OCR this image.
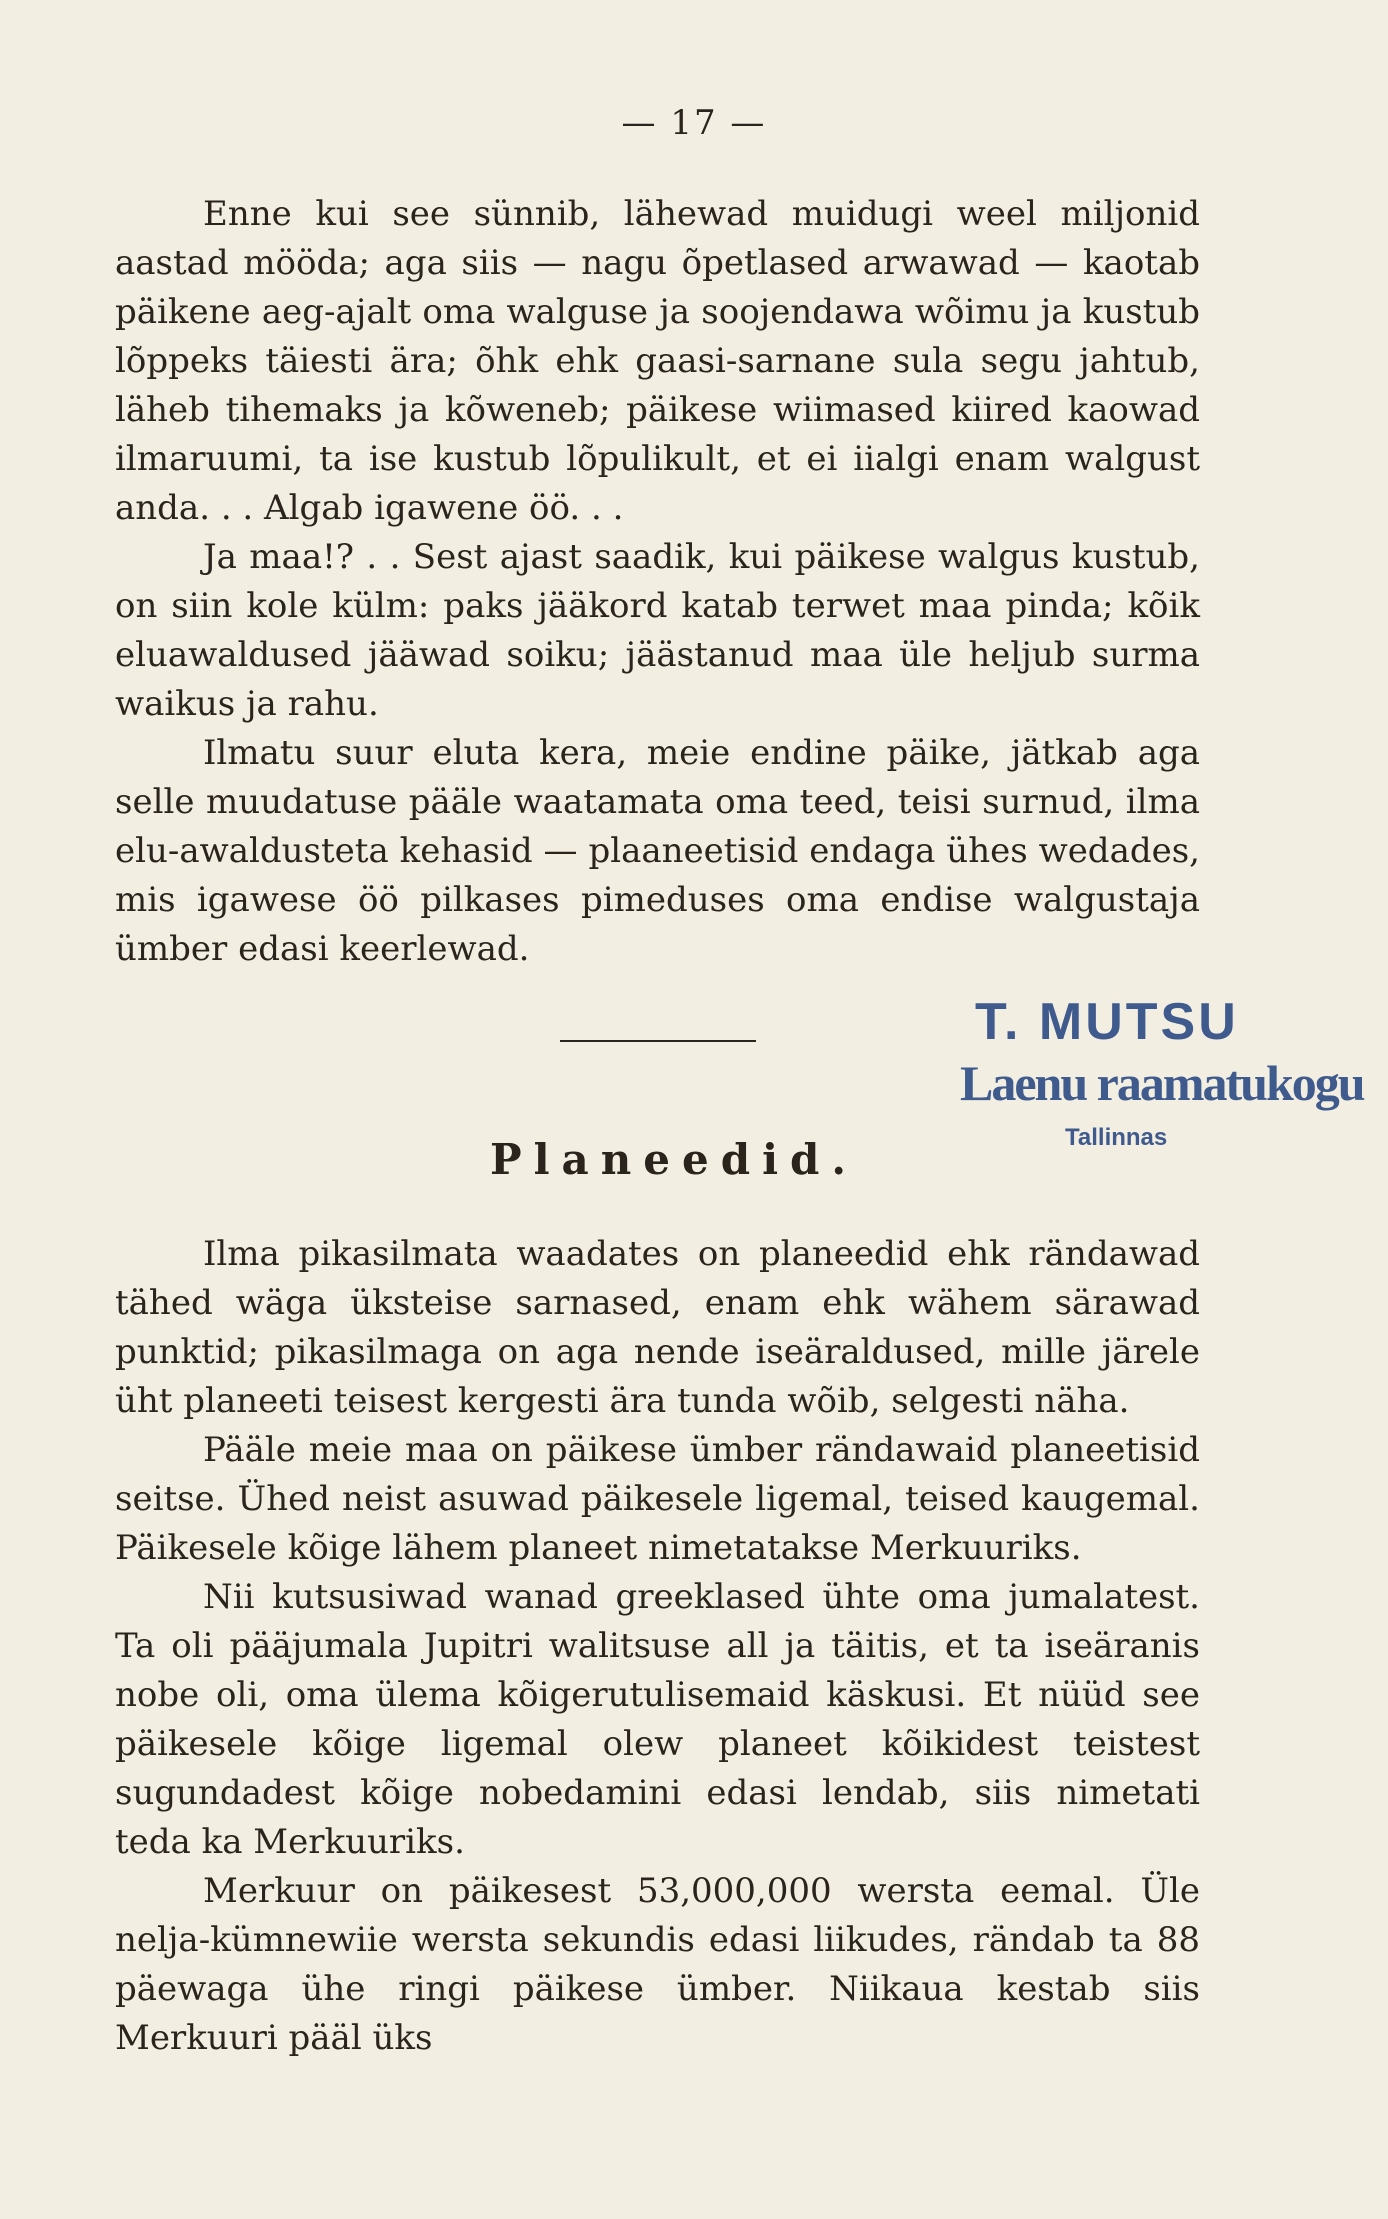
— 17 —

Enne kui see sünnib, lähewad muidugi weel miljonid aastad mööda; aga siis — nagu õpetlased arwawad — kaotab päikene aeg-ajalt oma walguse ja soojendawa wõimu ja kustub lõppeks täiesti ära; õhk ehk gaasi-sarnane sula segu jahtub, läheb tihemaks ja kõweneb; päikese wiimased kiired kaowad ilmaruumi, ta ise kustub lõpulikult, et ei iialgi enam walgust anda. . . Algab igawene öö. . .

Ja maa!? . . Sest ajast saadik, kui päikese walgus kustub, on siin kole külm: paks jääkord katab terwet maa pinda; kõik eluawaldused jääwad soiku; jäästanud maa üle heljub surma waikus ja rahu.

Ilmatu suur eluta kera, meie endine päike, jätkab aga selle muudatuse pääle waatamata oma teed, teisi surnud, ilma elu-awaldusteta kehasid — plaaneetisid endaga ühes wedades, mis igawese öö pilkases pimeduses oma endise walgustaja ümber edasi keerlewad.

T. MUTSU
Laenu raamatukogu
Tallinnas
Planeedid.

Ilma pikasilmata waadates on planeedid ehk rändawad tähed wäga üksteise sarnased, enam ehk wähem särawad punktid; pikasilmaga on aga nende iseäraldused, mille järele üht planeeti teisest kergesti ära tunda wõib, selgesti näha.

Pääle meie maa on päikese ümber rändawaid planeetisid seitse. Ühed neist asuwad päikesele ligemal, teised kaugemal. Päikesele kõige lähem planeet nimetatakse Merkuuriks.

Nii kutsusiwad wanad greeklased ühte oma jumalatest. Ta oli pääjumala Jupitri walitsuse all ja täitis, et ta iseäranis nobe oli, oma ülema kõigerutulisemaid käskusi. Et nüüd see päikesele kõige ligemal olew planeet kõikidest teistest sugundadest kõige nobedamini edasi lendab, siis nimetati teda ka Merkuuriks.

Merkuur on päikesest 53,000,000 wersta eemal. Üle nelja-kümnewiie wersta sekundis edasi liikudes, rändab ta 88 päewaga ühe ringi päikese ümber. Niikaua kestab siis Merkuuri pääl üks
